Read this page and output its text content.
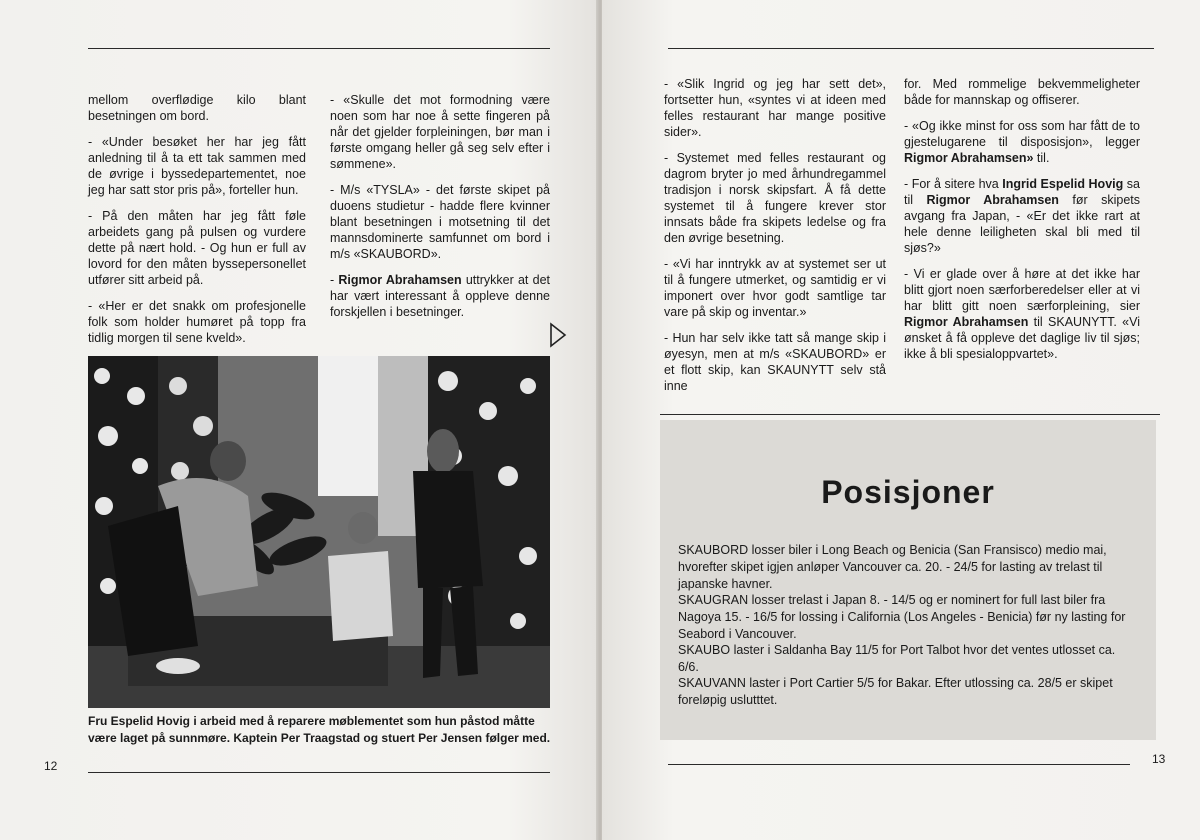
mellom overflødige kilo blant besetningen om bord.

- «Under besøket her har jeg fått anledning til å ta ett tak sammen med de øvrige i byssedepartementet, noe jeg har satt stor pris på», forteller hun.

- På den måten har jeg fått føle arbeidets gang på pulsen og vurdere dette på nært hold. - Og hun er full av lovord for den måten byssepersonellet utfører sitt arbeid på.

- «Her er det snakk om profesjonelle folk som holder humøret på topp fra tidlig morgen til sene kveld».

- «Skulle det mot formodning være noen som har noe å sette fingeren på når det gjelder forpleiningen, bør man i første omgang heller gå seg selv efter i sømmene».

- M/s «TYSLA» - det første skipet på duoens studietur - hadde flere kvinner blant besetningen i motsetning til det mannsdominerte samfunnet om bord i m/s «SKAUBORD».

- Rigmor Abrahamsen uttrykker at det har vært interessant å oppleve denne forskjellen i besetninger.

Fru Espelid Hovig i arbeid med å reparere møblementet som hun påstod måtte være laget på sunnmøre. Kaptein Per Traagstad og stuert Per Jensen følger med.
12

- «Slik Ingrid og jeg har sett det», fortsetter hun, «syntes vi at ideen med felles restaurant har mange positive sider».

- Systemet med felles restaurant og dagrom bryter jo med århundregammel tradisjon i norsk skipsfart. Å få dette systemet til å fungere krever stor innsats både fra skipets ledelse og fra den øvrige besetning.

- «Vi har inntrykk av at systemet ser ut til å fungere utmerket, og samtidig er vi imponert over hvor godt samtlige tar vare på skip og inventar.»

- Hun har selv ikke tatt så mange skip i øyesyn, men at m/s «SKAUBORD» er et flott skip, kan SKAUNYTT selv stå inne

for. Med rommelige bekvemmeligheter både for mannskap og offiserer.

- «Og ikke minst for oss som har fått de to gjestelugarene til disposisjon», legger Rigmor Abrahamsen» til.

- For å sitere hva Ingrid Espelid Hovig sa til Rigmor Abrahamsen før skipets avgang fra Japan, - «Er det ikke rart at hele denne leiligheten skal bli med til sjøs?»

- Vi er glade over å høre at det ikke har blitt gjort noen særforberedelser eller at vi har blitt gitt noen særforpleining, sier Rigmor Abrahamsen til SKAUNYTT. «Vi ønsket å få oppleve det daglige liv til sjøs; ikke å bli spesialoppvartet».

Posisjoner
SKAUBORD losser biler i Long Beach og Benicia (San Fransisco) medio mai, hvoreftеr skipet igjen anløper Vancouver ca. 20. - 24/5 for lasting av trelast til japanske havner.
SKAUGRAN losser trelast i Japan 8. - 14/5 og er nominert for full last biler fra Nagoya 15. - 16/5 for lossing i California (Los Angeles - Benicia) før ny lasting for Seabord i Vancouver.
SKAUBO laster i Saldanha Bay 11/5 for Port Talbot hvor det ventes utlosset ca. 6/6.
SKAUVANN laster i Port Cartier 5/5 for Bakar. Efter utlossing ca. 28/5 er skipet foreløpig uslutttet.
13
